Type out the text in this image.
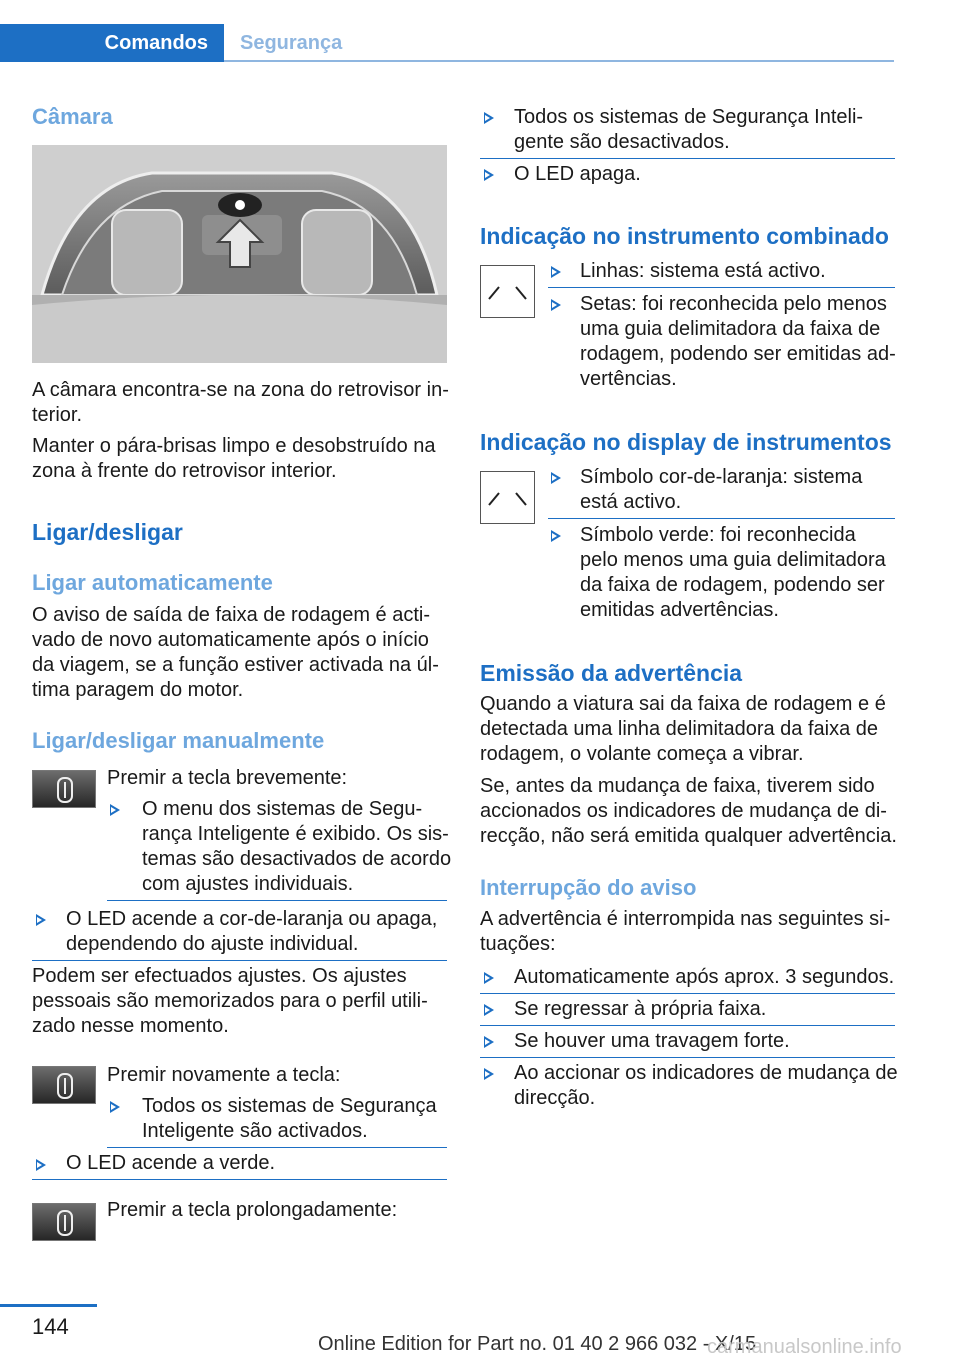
Comandos	Segurança
Câmara
A câmara encontra-se na zona do retrovisor in-
terior.
Manter o pára-brisas limpo e desobstruído na
zona à frente do retrovisor interior.
Ligar/desligar
Ligar automaticamente
O aviso de saída de faixa de rodagem é acti-
vado de novo automaticamente após o início
da viagem, se a função estiver activada na úl-
tima paragem do motor.
Ligar/desligar manualmente
Premir a tecla brevemente:
O menu dos sistemas de Segu-
rança Inteligente é exibido. Os sis-
temas são desactivados de acordo
com ajustes individuais.
O LED acende a cor-de-laranja ou apaga,
dependendo do ajuste individual.
Podem ser efectuados ajustes. Os ajustes
pessoais são memorizados para o perfil utili-
zado nesse momento.
Premir novamente a tecla:
Todos os sistemas de Segurança
Inteligente são activados.
O LED acende a verde.
Premir a tecla prolongadamente:
Todos os sistemas de Segurança Inteli-
gente são desactivados.
O LED apaga.
Indicação no instrumento combinado
Linhas: sistema está activo.
Setas: foi reconhecida pelo menos
uma guia delimitadora da faixa de
rodagem, podendo ser emitidas ad-
vertências.
Indicação no display de instrumentos
Símbolo cor-de-laranja: sistema
está activo.
Símbolo verde: foi reconhecida
pelo menos uma guia delimitadora
da faixa de rodagem, podendo ser
emitidas advertências.
Emissão da advertência
Quando a viatura sai da faixa de rodagem e é
detectada uma linha delimitadora da faixa de
rodagem, o volante começa a vibrar.
Se, antes da mudança de faixa, tiverem sido
accionados os indicadores de mudança de di-
recção, não será emitida qualquer advertência.
Interrupção do aviso
A advertência é interrompida nas seguintes si-
tuações:
Automaticamente após aprox. 3 segundos.
Se regressar à própria faixa.
Se houver uma travagem forte.
Ao accionar os indicadores de mudança de
direcção.
144
Online Edition for Part no. 01 40 2 966 032 - X/15
carmanualsonline.info
